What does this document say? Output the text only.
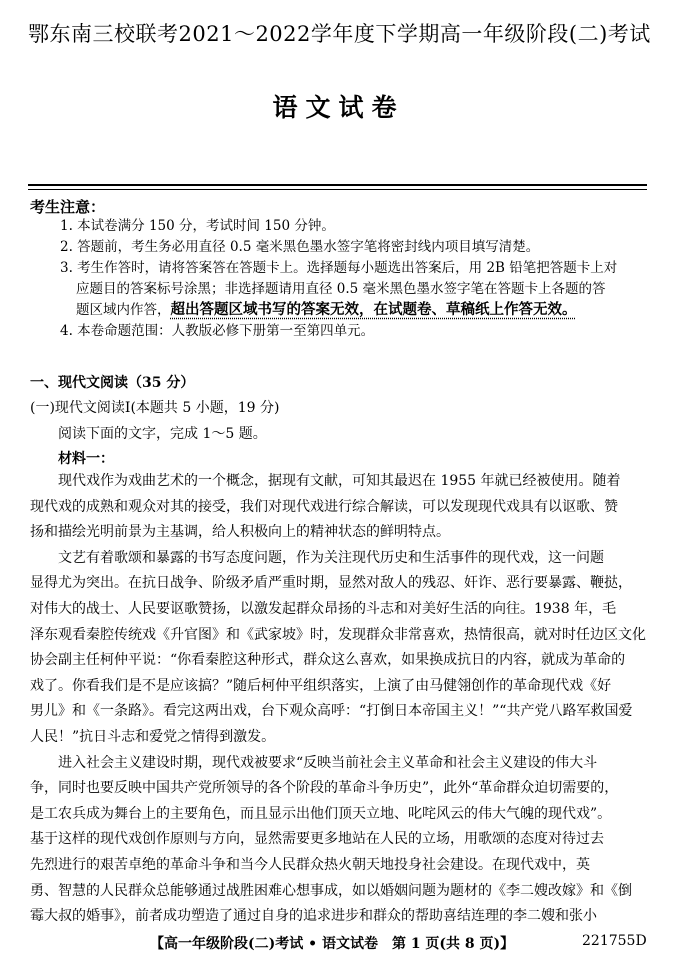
鄂东南三校联考2021～2022学年度下学期高一年级阶段(二)考试
语文试卷
考生注意：
1. 本试卷满分 150 分，考试时间 150 分钟。
2. 答题前，考生务必用直径 0.5 毫米黑色墨水签字笔将密封线内项目填写清楚。
3. 考生作答时，请将答案答在答题卡上。选择题每小题选出答案后，用 2B 铅笔把答题卡上对
应题目的答案标号涂黑；非选择题请用直径 0.5 毫米黑色墨水签字笔在答题卡上各题的答
题区域内作答，超出答题区域书写的答案无效，在试题卷、草稿纸上作答无效。
4. 本卷命题范围：人教版必修下册第一至第四单元。
一、现代文阅读（35 分）
(一)现代文阅读Ⅰ(本题共 5 小题，19 分)
阅读下面的文字，完成 1～5 题。
材料一：
现代戏作为戏曲艺术的一个概念，据现有文献，可知其最迟在 1955 年就已经被使用。随着
现代戏的成熟和观众对其的接受，我们对现代戏进行综合解读，可以发现现代戏具有以讴歌、赞
扬和描绘光明前景为主基调，给人积极向上的精神状态的鲜明特点。
文艺有着歌颂和暴露的书写态度问题，作为关注现代历史和生活事件的现代戏，这一问题
显得尤为突出。在抗日战争、阶级矛盾严重时期，显然对敌人的残忍、奸诈、恶行要暴露、鞭挞，
对伟大的战士、人民要讴歌赞扬，以激发起群众昂扬的斗志和对美好生活的向往。1938 年，毛
泽东观看秦腔传统戏《升官图》和《武家坡》时，发现群众非常喜欢，热情很高，就对时任边区文化
协会副主任柯仲平说：“你看秦腔这种形式，群众这么喜欢，如果换成抗日的内容，就成为革命的
戏了。你看我们是不是应该搞？”随后柯仲平组织落实，上演了由马健翎创作的革命现代戏《好
男儿》和《一条路》。看完这两出戏，台下观众高呼：“打倒日本帝国主义！”“共产党八路军救国爱
人民！”抗日斗志和爱党之情得到激发。
进入社会主义建设时期，现代戏被要求“反映当前社会主义革命和社会主义建设的伟大斗
争，同时也要反映中国共产党所领导的各个阶段的革命斗争历史”，此外“革命群众迫切需要的，
是工农兵成为舞台上的主要角色，而且显示出他们顶天立地、叱咤风云的伟大气魄的现代戏”。
基于这样的现代戏创作原则与方向，显然需要更多地站在人民的立场，用歌颂的态度对待过去
先烈进行的艰苦卓绝的革命斗争和当今人民群众热火朝天地投身社会建设。在现代戏中，英
勇、智慧的人民群众总能够通过战胜困难心想事成，如以婚姻问题为题材的《李二嫂改嫁》和《倒
霉大叔的婚事》，前者成功塑造了通过自身的追求进步和群众的帮助喜结连理的李二嫂和张小
【高一年级阶段(二)考试 • 语文试卷　第 1 页(共 8 页)】	221755D
